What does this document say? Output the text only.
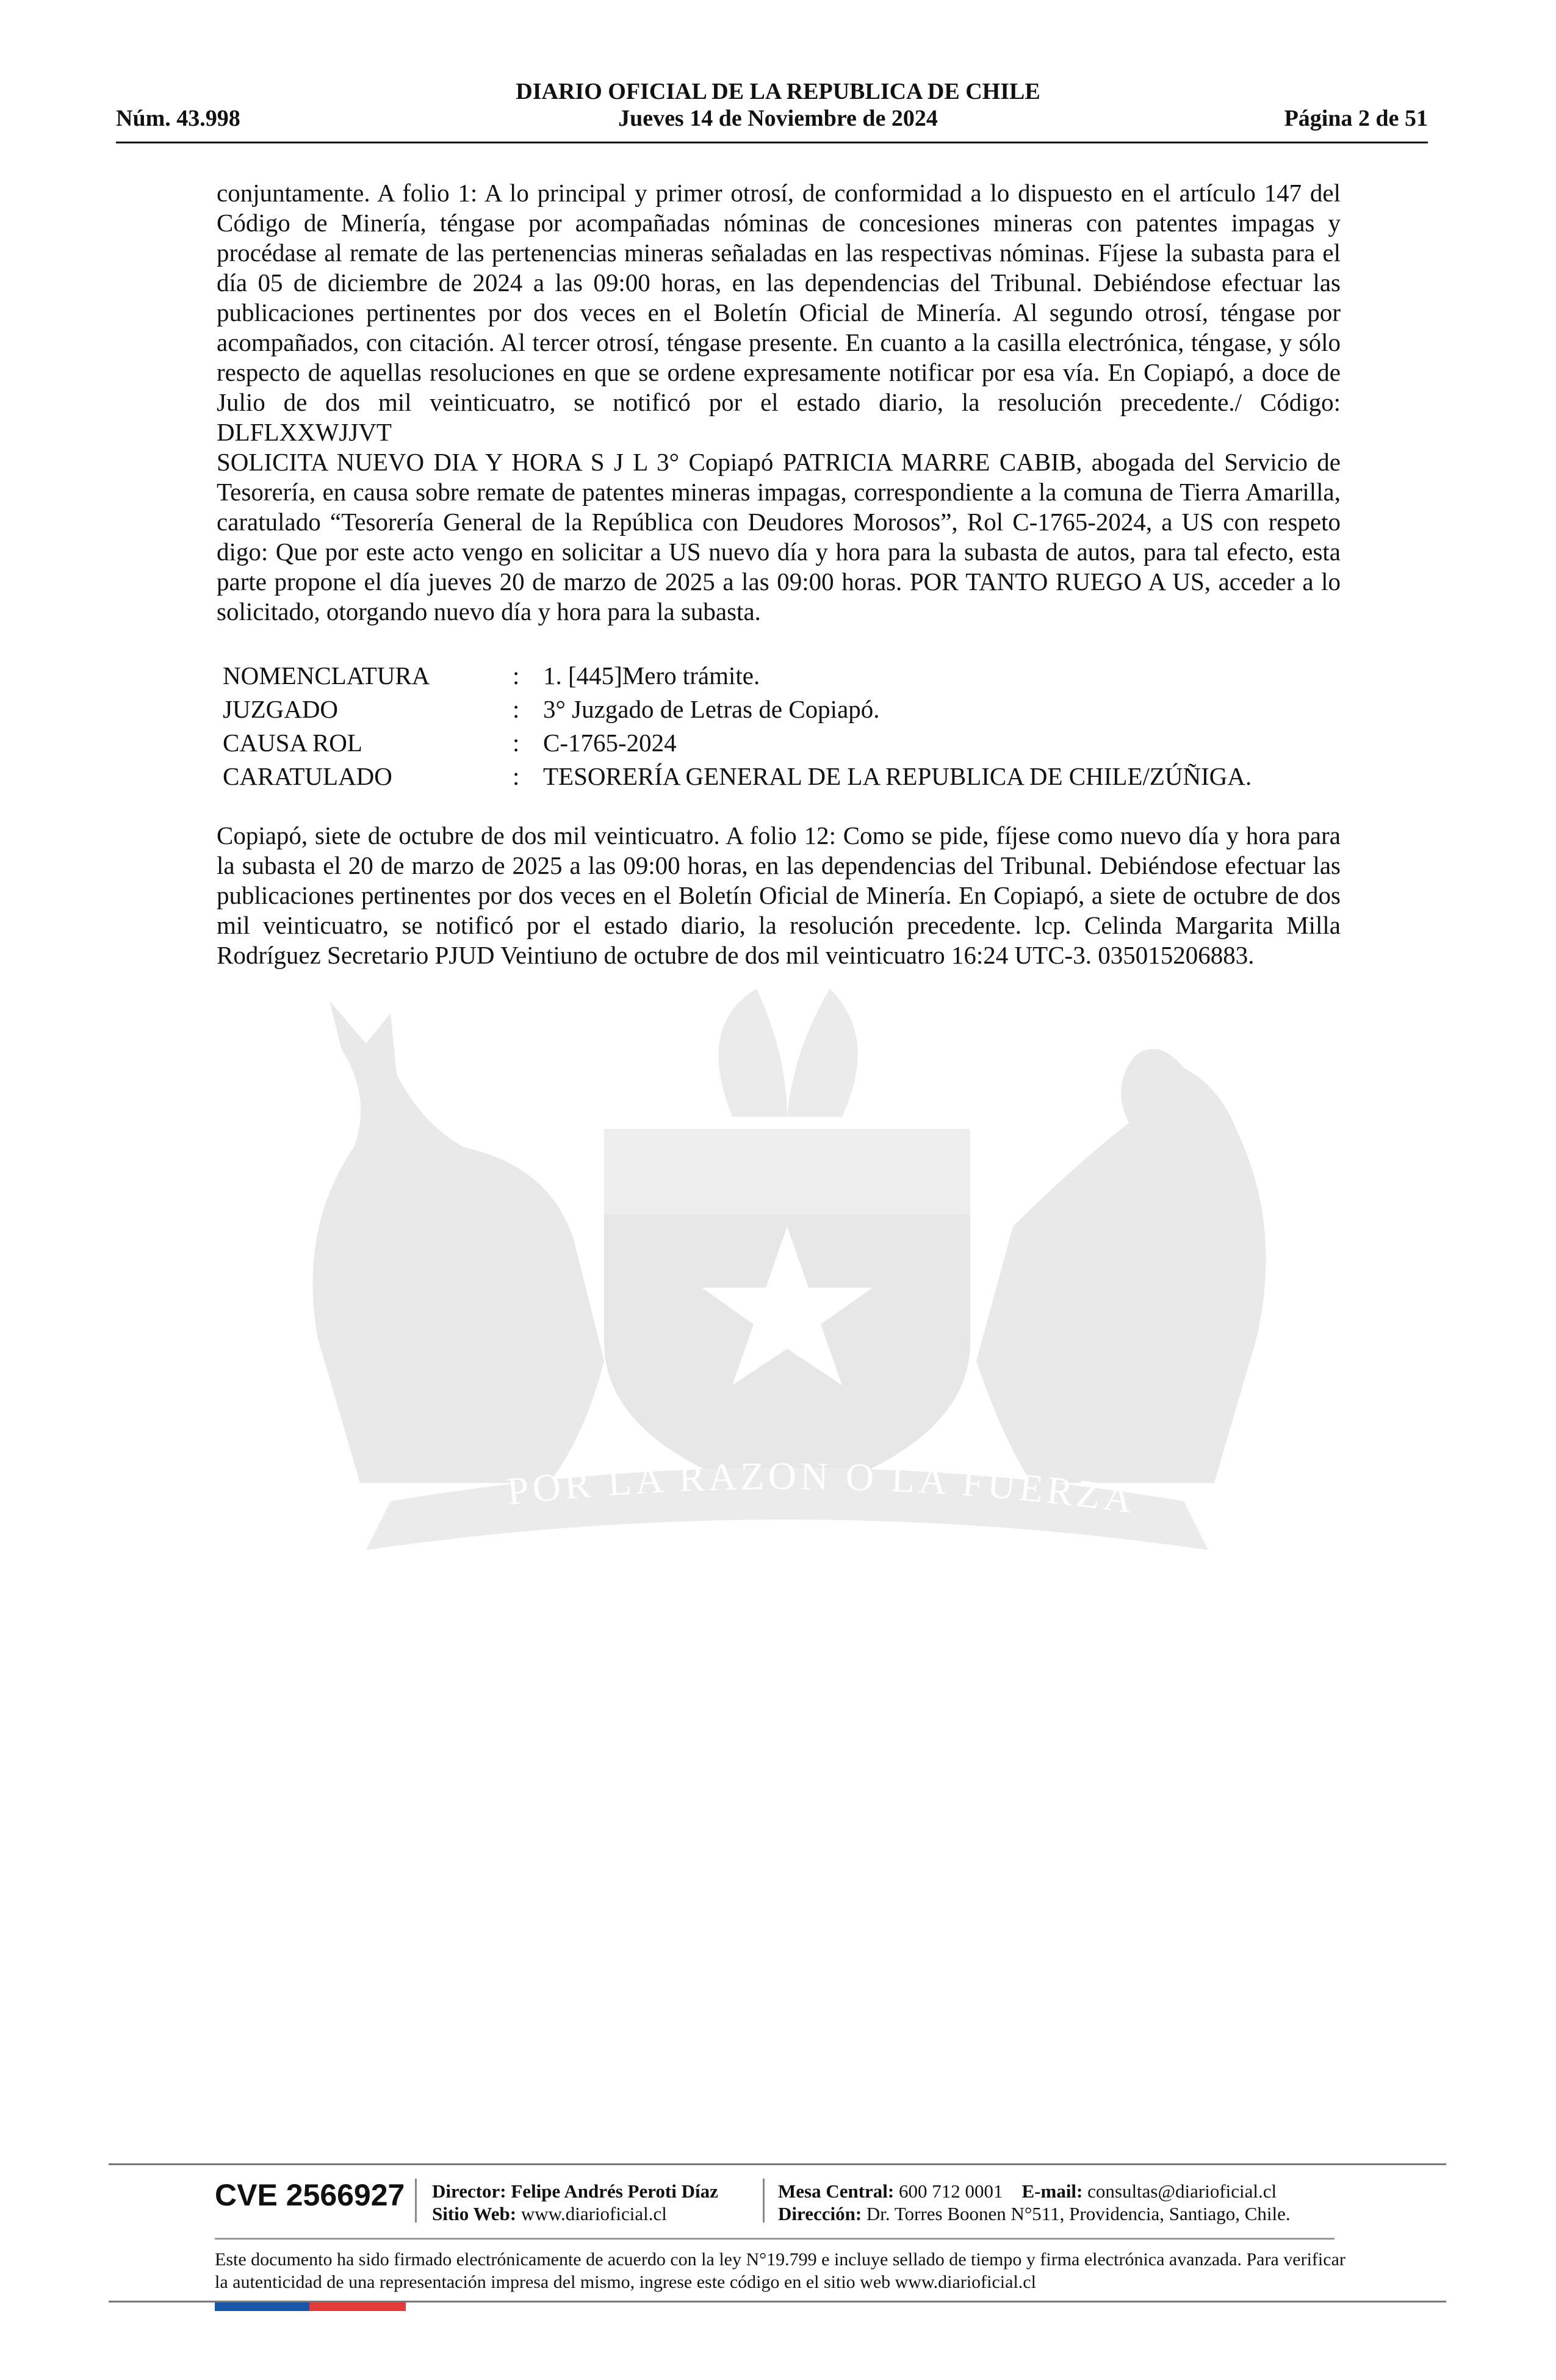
Núm. 43.998
DIARIO OFICIAL DE LA REPUBLICA DE CHILE
Jueves 14 de Noviembre de 2024	Página 2 de 51
POR LA RAZON O LA FUERZA

conjuntamente. A folio 1: A lo principal y primer otrosí, de conformidad a lo dispuesto en el artículo 147 del Código de Minería, téngase por acompañadas nóminas de concesiones mineras con patentes impagas y procédase al remate de las pertenencias mineras señaladas en las respectivas nóminas. Fíjese la subasta para el día 05 de diciembre de 2024 a las 09:00 horas, en las dependencias del Tribunal. Debiéndose efectuar las publicaciones pertinentes por dos veces en el Boletín Oficial de Minería. Al segundo otrosí, téngase por acompañados, con citación. Al tercer otrosí, téngase presente. En cuanto a la casilla electrónica, téngase, y sólo respecto de aquellas resoluciones en que se ordene expresamente notificar por esa vía. En Copiapó, a doce de Julio de dos mil veinticuatro, se notificó por el estado diario, la resolución precedente./ Código: DLFLXXWJJVT

SOLICITA NUEVO DIA Y HORA S J L 3° Copiapó PATRICIA MARRE CABIB, abogada del Servicio de Tesorería, en causa sobre remate de patentes mineras impagas, correspondiente a la comuna de Tierra Amarilla, caratulado “Tesorería General de la República con Deudores Morosos”, Rol C-1765-2024, a US con respeto digo: Que por este acto vengo en solicitar a US nuevo día y hora para la subasta de autos, para tal efecto, esta parte propone el día jueves 20 de marzo de 2025 a las 09:00 horas. POR TANTO RUEGO A US, acceder a lo solicitado, otorgando nuevo día y hora para la subasta.

NOMENCLATURA	:	1. [445]Mero trámite.
JUZGADO	:	3° Juzgado de Letras de Copiapó.
CAUSA ROL	:	C-1765-2024
CARATULADO	:	TESORERÍA GENERAL DE LA REPUBLICA DE CHILE/ZÚÑIGA.

Copiapó, siete de octubre de dos mil veinticuatro. A folio 12: Como se pide, fíjese como nuevo día y hora para la subasta el 20 de marzo de 2025 a las 09:00 horas, en las dependencias del Tribunal. Debiéndose efectuar las publicaciones pertinentes por dos veces en el Boletín Oficial de Minería. En Copiapó, a siete de octubre de dos mil veinticuatro, se notificó por el estado diario, la resolución precedente. lcp. Celinda Margarita Milla Rodríguez Secretario PJUD Veintiuno de octubre de dos mil veinticuatro 16:24 UTC-3. 035015206883.

CVE 2566927 Director: Felipe Andrés Peroti Díaz
Sitio Web: www.diarioficial.cl
Mesa Central: 600 712 0001 E-mail: consultas@diarioficial.cl
Dirección: Dr. Torres Boonen N°511, Providencia, Santiago, Chile.
Este documento ha sido firmado electrónicamente de acuerdo con la ley N°19.799 e incluye sellado de tiempo y firma electrónica avanzada. Para verificar la autenticidad de una representación impresa del mismo, ingrese este código en el sitio web www.diarioficial.cl
